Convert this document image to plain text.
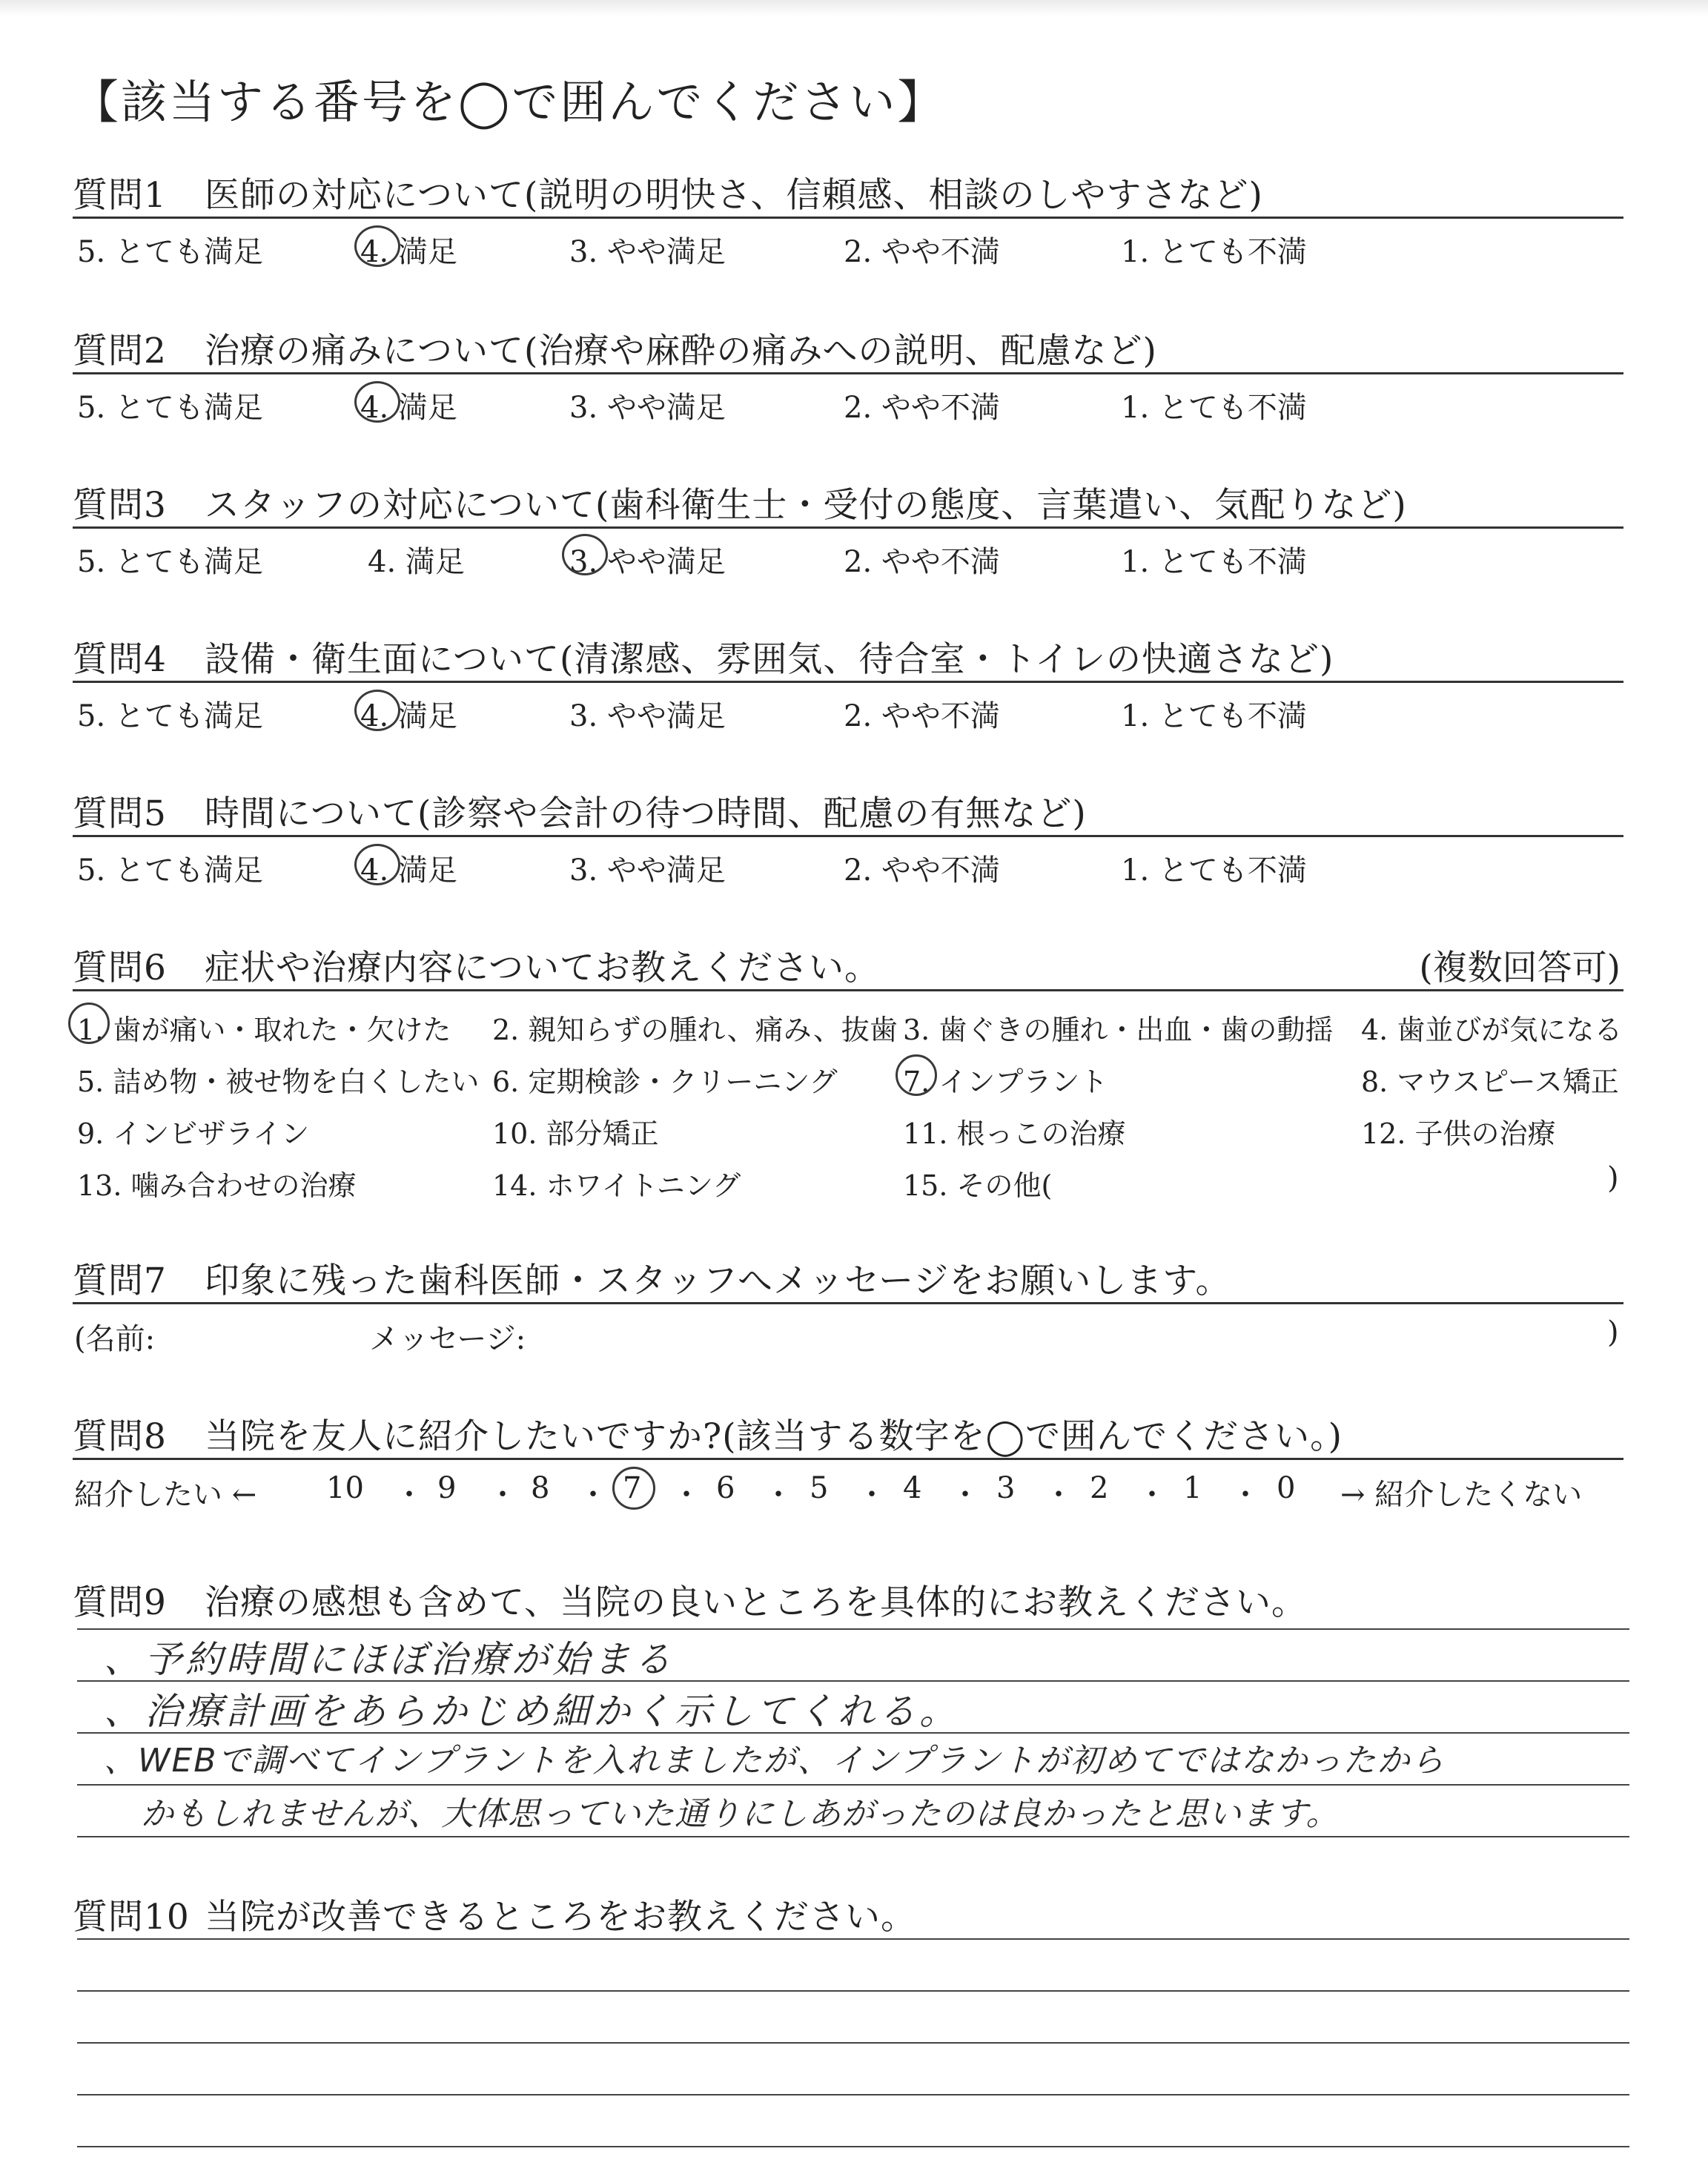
【該当する番号を◯で囲んでください】
質問1 医師の対応について(説明の明快さ、信頼感、相談のしやすさなど)
5. とても満足	4. 満足	3. やや満足	2. やや不満	1. とても不満
質問2 治療の痛みについて(治療や麻酔の痛みへの説明、配慮など)
5. とても満足	4. 満足	3. やや満足	2. やや不満	1. とても不満
質問3 スタッフの対応について(歯科衛生士・受付の態度、言葉遣い、気配りなど)
5. とても満足	4. 満足	3. やや満足	2. やや不満	1. とても不満
質問4 設備・衛生面について(清潔感、雰囲気、待合室・トイレの快適さなど)
5. とても満足	4. 満足	3. やや満足	2. やや不満	1. とても不満
質問5 時間について(診察や会計の待つ時間、配慮の有無など)
5. とても満足	4. 満足	3. やや満足	2. やや不満	1. とても不満
質問6 症状や治療内容についてお教えください。	(複数回答可)
1. 歯が痛い・取れた・欠けた 2. 親知らずの腫れ、痛み、抜歯 3. 歯ぐきの腫れ・出血・歯の動揺 4. 歯並びが気になる
5. 詰め物・被せ物を白くしたい 6. 定期検診・クリーニング 7. インプラント	8. マウスピース矯正
9. インビザライン	10. 部分矯正	11. 根っこの治療	12. 子供の治療
13. 噛み合わせの治療	14. ホワイトニング	15. その他(	)
質問7 印象に残った歯科医師・スタッフへメッセージをお願いします。
(名前:	メッセージ:	)
質問8 当院を友人に紹介したいですか?(該当する数字を◯で囲んでください。)
紹介したい ← 10 ・ 9 ・ 8 ・ 7 ・ 6 ・ 5 ・ 4 ・ 3 ・ 2 ・ 1 ・ 0 → 紹介したくない
質問9 治療の感想も含めて、当院の良いところを具体的にお教えください。
、予約時間にほぼ治療が始まる
、治療計画をあらかじめ細かく示してくれる。
、WEBで調べてインプラントを入れましたが、インプラントが初めてではなかったから
かもしれませんが、大体思っていた通りにしあがったのは良かったと思います。
質問10 当院が改善できるところをお教えください。
